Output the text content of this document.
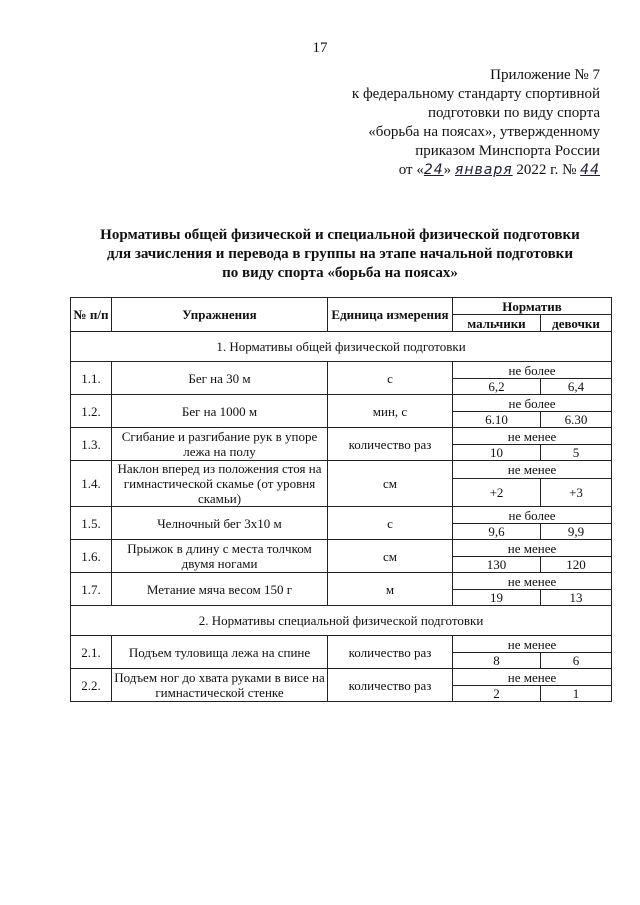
17
Приложение № 7
к федеральному стандарту спортивной
подготовки по виду спорта
«борьба на поясах», утвержденному
приказом Минспорта России
от «24» января 2022 г. № 44
Нормативы общей физической и специальной физической подготовки
для зачисления и перевода в группы на этапе начальной подготовки
по виду спорта «борьба на поясах»
№ п/п	Упражнения	Единица измерения	Норматив	
			мальчики	девочки
1. Нормативы общей физической подготовки				
1.1.	Бег на 30 м	с	не более	
			6,2	6,4
1.2.	Бег на 1000 м	мин, с	не более	
			6.10	6.30
1.3.	Сгибание и разгибание рук в упоре лежа на полу	количество раз	не менее	
			10	5
1.4.	Наклон вперед из положения стоя на гимнастической скамье (от уровня скамьи)	см	не менее	
			+2	+3
1.5.	Челночный бег 3х10 м	с	не более	
			9,6	9,9
1.6.	Прыжок в длину с места толчком двумя ногами	см	не менее	
			130	120
1.7.	Метание мяча весом 150 г	м	не менее	
			19	13
2. Нормативы специальной физической подготовки				
2.1.	Подъем туловища лежа на спине	количество раз	не менее	
			8	6
2.2.	Подъем ног до хвата руками в висе на гимнастической стенке	количество раз	не менее	
			2	1
